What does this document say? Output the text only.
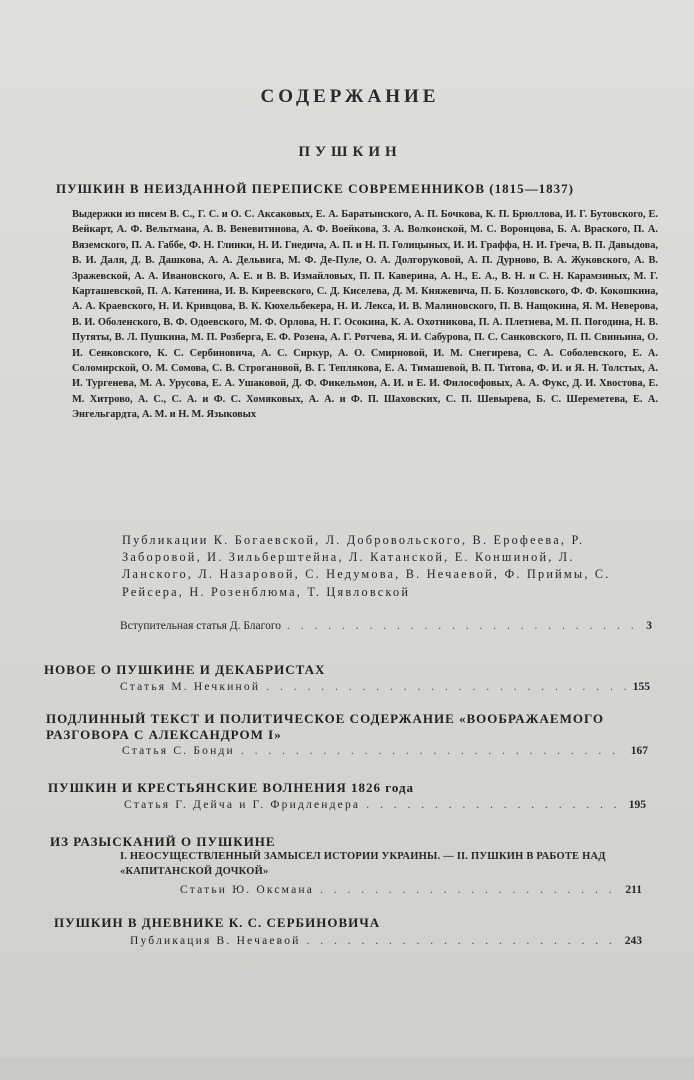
СОДЕРЖАНИЕ
ПУШКИН
ПУШКИН В НЕИЗДАННОЙ ПЕРЕПИСКЕ СОВРЕМЕННИКОВ (1815—1837)
Выдержки из писем В. С., Г. С. и О. С. Аксаковых, Е. А. Баратынского, А. П. Бочкова, К. П. Брюллова, И. Г. Бутовского, Е. Вейкарт, А. Ф. Вельтмана, А. В. Веневитиновa, А. Ф. Воейкова, З. А. Волконской, М. С. Воронцова, Б. А. Враского, П. А. Вяземского, П. А. Габбе, Ф. Н. Глинки, Н. И. Гнедича, А. П. и Н. П. Голицыных, И. И. Граффа, Н. И. Греча, В. П. Давыдова, В. И. Даля, Д. В. Дашкова, А. А. Дельвига, М. Ф. Де-Пуле, О. А. Долгоруковой, А. П. Дурново, В. А. Жуковского, А. В. Зражевской, А. А. Ивановского, А. Е. и В. В. Измайловых, П. П. Каверина, А. Н., Е. А., В. Н. и С. Н. Карамзиных, М. Г. Карташевской, П. А. Катенина, И. В. Киреевского, С. Д. Киселева, Д. М. Княжевича, П. Б. Козловского, Ф. Ф. Кокошкина, А. А. Краевского, Н. И. Кривцова, В. К. Кюхельбекера, Н. И. Лекса, И. В. Малиновского, П. В. Нащокина, Я. М. Неверова, В. И. Оболенского, В. Ф. Одоевского, М. Ф. Орлова, Н. Г. Осокина, К. А. Охотникова, П. А. Плетнева, М. П. Погодина, Н. В. Путяты, В. Л. Пушкина, М. П. Розберга, Е. Ф. Розена, А. Г. Ротчева, Я. И. Сабурова, П. С. Санковского, П. П. Свиньина, О. И. Сенковского, К. С. Сербиновича, А. С. Сиркур, А. О. Смирновой, И. М. Снегирева, С. А. Соболевского, Е. А. Соломирской, О. М. Сомова, С. В. Строгановой, В. Г. Теплякова, Е. А. Тимашевой, В. П. Титова, Ф. И. и Я. Н. Толстых, А. И. Тургенева, М. А. Урусова, Е. А. Ушаковой, Д. Ф. Фикельмон, А. И. и Е. И. Философовых, А. А. Фукс, Д. И. Хвостова, Е. М. Хитрово, А. С., С. А. и Ф. С. Хомяковых, А. А. и Ф. П. Шаховских, С. П. Шевырева, Б. С. Шереметева, Е. А. Энгельгардта, А. М. и Н. М. Языковых
Публикации К. Богаевской, Л. Добровольского, В. Ерофеева, Р. Заборовой, И. Зильберштейна, Л. Катанской, Е. Коншиной, Л. Ланского, Л. Назаровой, С. Недумова, В. Нечаевой, Ф. Приймы, С. Рейсера, Н. Розенблюма, Т. Цявловской
Вступительная статья Д. Благого . . .	3
НОВОЕ О ПУШКИНЕ И ДЕКАБРИСТАХ
Статья М. Нечкиной . . .	155
ПОДЛИННЫЙ ТЕКСТ И ПОЛИТИЧЕСКОЕ СОДЕРЖАНИЕ «ВООБРАЖАЕМОГО РАЗГОВОРА С АЛЕКСАНДРОМ I»
Статья С. Бонди . . .	167
ПУШКИН И КРЕСТЬЯНСКИЕ ВОЛНЕНИЯ 1826 года
Статья Г. Дейча и Г. Фридлендера . . .	195
ИЗ РАЗЫСКАНИЙ О ПУШКИНЕ
I. НЕОСУЩЕСТВЛЕННЫЙ ЗАМЫСЕЛ ИСТОРИИ УКРАИНЫ. — II. ПУШКИН В РАБОТЕ НАД «КАПИТАНСКОЙ ДОЧКОЙ»
Статьи Ю. Оксмана . . .	211
ПУШКИН В ДНЕВНИКЕ К. С. СЕРБИНОВИЧА
Публикация В. Нечаевой . . .	243
